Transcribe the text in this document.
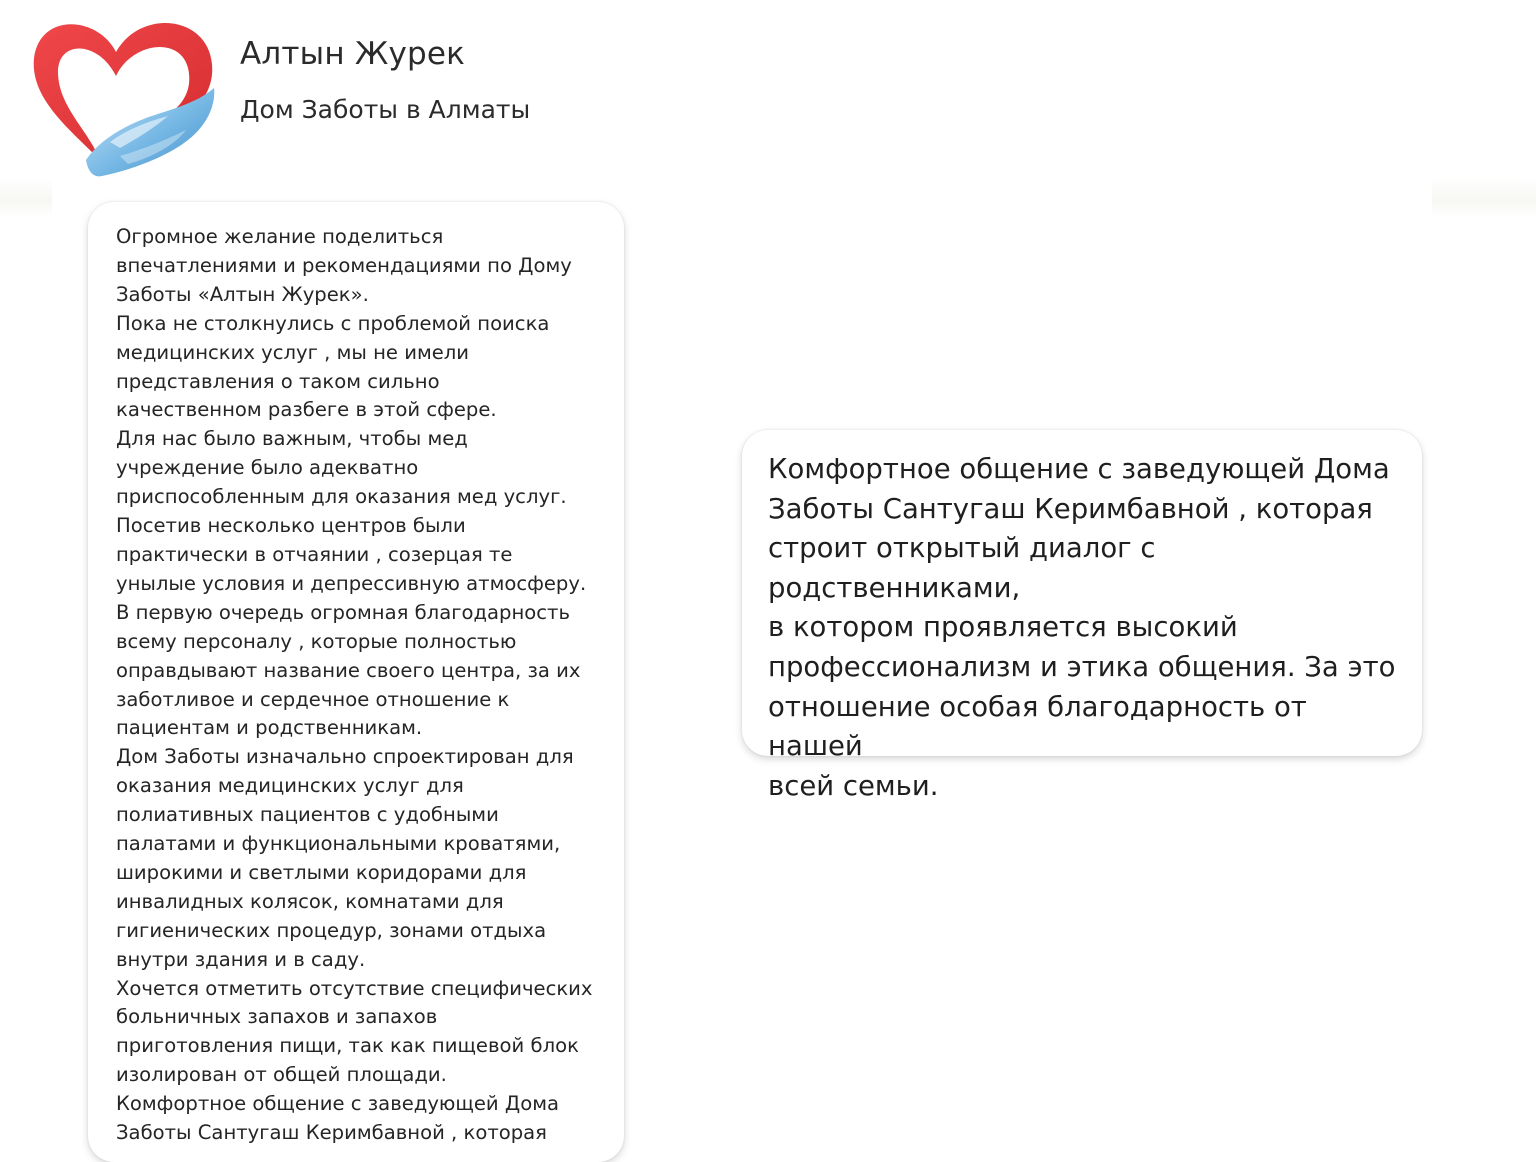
Алтын Журек
Дом Заботы в Алматы

Огромное желание поделиться
впечатлениями и рекомендациями по Дому
Заботы «Алтын Журек».

Пока не столкнулись с проблемой поиска
медицинских услуг , мы не имели
представления о таком сильно
качественном разбеге в этой сфере.

Для нас было важным, чтобы мед
учреждение было адекватно
приспособленным для оказания мед услуг.

Посетив несколько центров были
практически в отчаянии , созерцая те
унылые условия и депрессивную атмосферу.

В первую очередь огромная благодарность
всему персоналу , которые полностью
оправдывают название своего центра, за их
заботливое и сердечное отношение к
пациентам и родственникам.

Дом Заботы изначально спроектирован для
оказания медицинских услуг для
полиативных пациентов с удобными
палатами и функциональными кроватями,
широкими и светлыми коридорами для
инвалидных колясок, комнатами для
гигиенических процедур, зонами отдыха
внутри здания и в саду.

Хочется отметить отсутствие специфических
больничных запахов и запахов
приготовления пищи, так как пищевой блок
изолирован от общей площади.

Комфортное общение с заведующей Дома
Заботы Сантугаш Керимбавной , которая

Комфортное общение с заведующей Дома
Заботы Сантугаш Керимбавной , которая
строит открытый диалог с родственниками,
в котором проявляется высокий
профессионализм и этика общения. За это
отношение особая благодарность от нашей
всей семьи.
